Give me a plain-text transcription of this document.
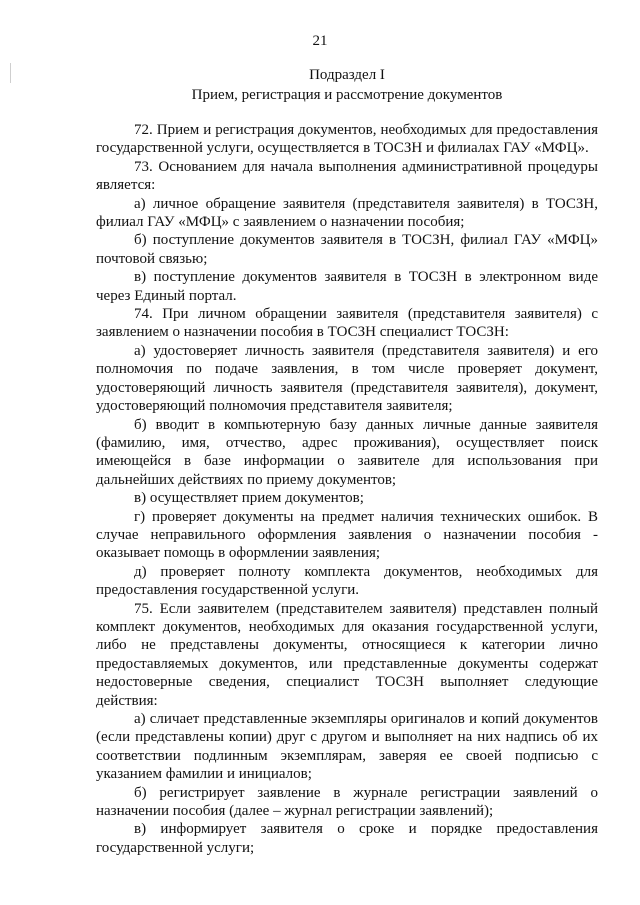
21
Подраздел I
Прием, регистрация и рассмотрение документов

72. Прием и регистрация документов, необходимых для предоставления государственной услуги, осуществляется в ТОСЗН и филиалах ГАУ «МФЦ».

73. Основанием для начала выполнения административной процедуры является:

а) личное обращение заявителя (представителя заявителя) в ТОСЗН, филиал ГАУ «МФЦ» с заявлением о назначении пособия;

б) поступление документов заявителя в ТОСЗН, филиал ГАУ «МФЦ» почтовой связью;

в) поступление документов заявителя в ТОСЗН в электронном виде через Единый портал.

74. При личном обращении заявителя (представителя заявителя) с заявлением о назначении пособия в ТОСЗН специалист ТОСЗН:

а) удостоверяет личность заявителя (представителя заявителя) и его полномочия по подаче заявления, в том числе проверяет документ, удостоверяющий личность заявителя (представителя заявителя), документ, удостоверяющий полномочия представителя заявителя;

б) вводит в компьютерную базу данных личные данные заявителя (фамилию, имя, отчество, адрес проживания), осуществляет поиск имеющейся в базе информации о заявителе для использования при дальнейших действиях по приему документов;

в) осуществляет прием документов;

г) проверяет документы на предмет наличия технических ошибок. В случае неправильного оформления заявления о назначении пособия - оказывает помощь в оформлении заявления;

д) проверяет полноту комплекта документов, необходимых для предоставления государственной услуги.

75. Если заявителем (представителем заявителя) представлен полный комплект документов, необходимых для оказания государственной услуги, либо не представлены документы, относящиеся к категории лично предоставляемых документов, или представленные документы содержат недостоверные сведения, специалист ТОСЗН выполняет следующие действия:

а) сличает представленные экземпляры оригиналов и копий документов (если представлены копии) друг с другом и выполняет на них надпись об их соответствии подлинным экземплярам, заверяя ее своей подписью с указанием фамилии и инициалов;

б) регистрирует заявление в журнале регистрации заявлений о назначении пособия (далее – журнал регистрации заявлений);

в) информирует заявителя о сроке и порядке предоставления государственной услуги;
